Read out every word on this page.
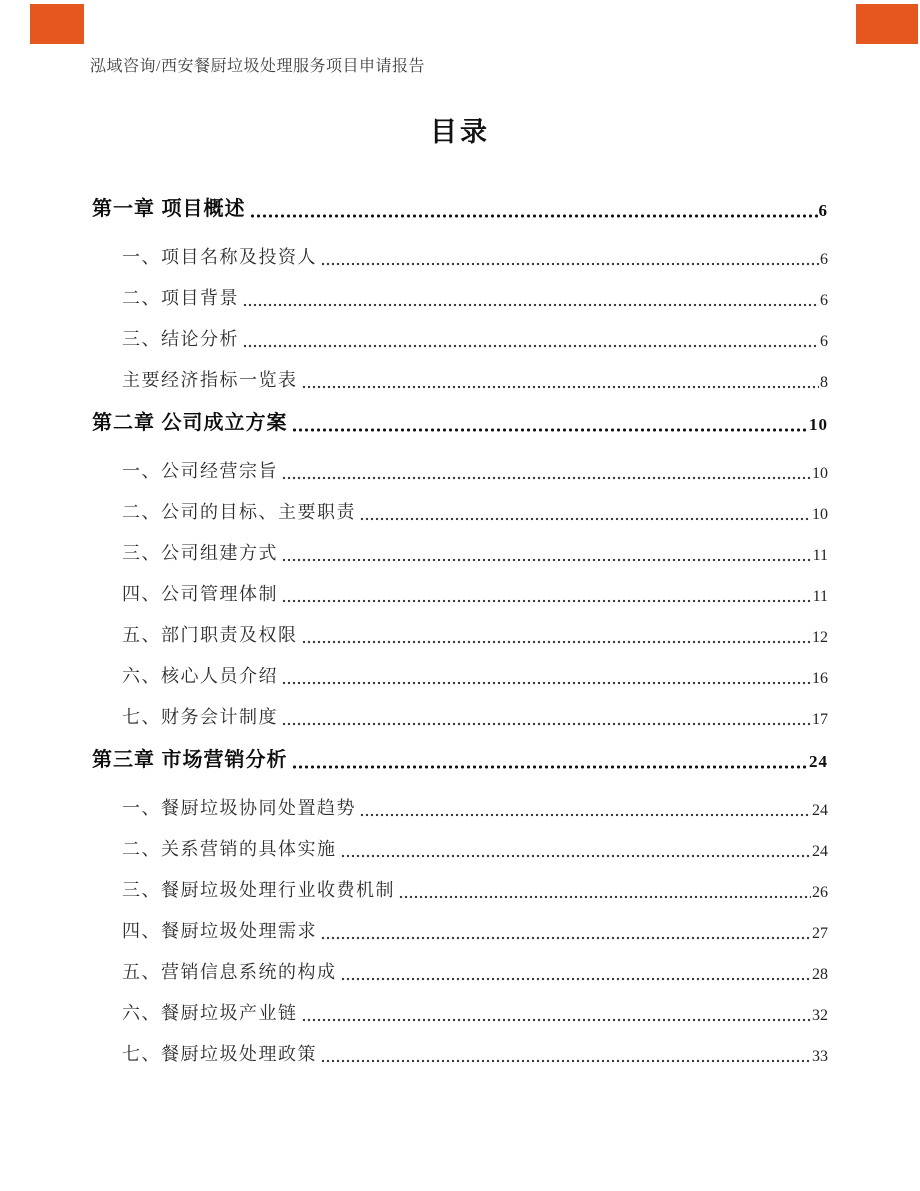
泓域咨询/西安餐厨垃圾处理服务项目申请报告
目录
第一章 项目概述	6
一、项目名称及投资人	6
二、项目背景	6
三、结论分析	6
主要经济指标一览表	8
第二章 公司成立方案	10
一、公司经营宗旨	10
二、公司的目标、主要职责	10
三、公司组建方式	11
四、公司管理体制	11
五、部门职责及权限	12
六、核心人员介绍	16
七、财务会计制度	17
第三章 市场营销分析	24
一、餐厨垃圾协同处置趋势	24
二、关系营销的具体实施	24
三、餐厨垃圾处理行业收费机制	26
四、餐厨垃圾处理需求	27
五、营销信息系统的构成	28
六、餐厨垃圾产业链	32
七、餐厨垃圾处理政策	33
